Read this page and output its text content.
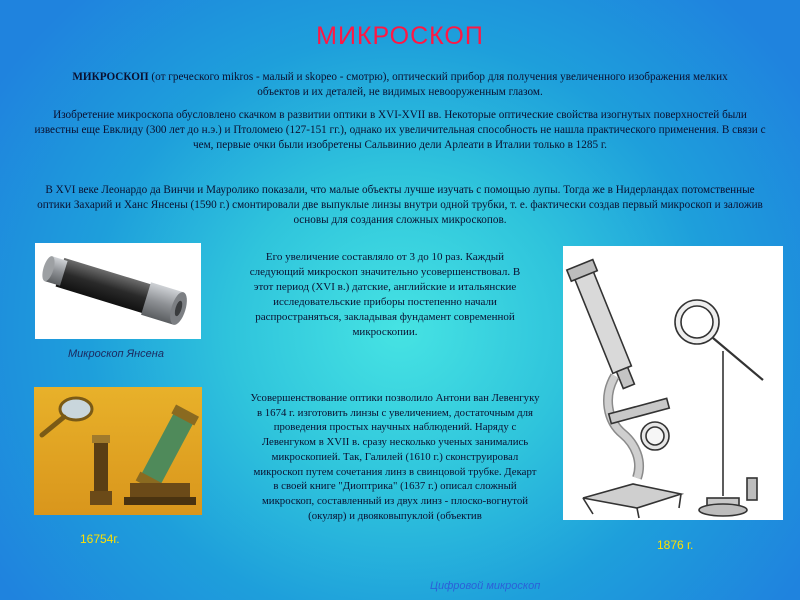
МИКРОСКОП
МИКРОСКОП (от греческого mikros - малый и skopeo - смотрю), оптический прибор для получения увеличенного изображения мелких объектов и их деталей, не видимых невооруженным глазом.
Изобретение микроскопа обусловлено скачком в развитии оптики в XVI-XVII вв. Некоторые оптические свойства изогнутых поверхностей были известны еще Евклиду (300 лет до н.э.) и Птоломею (127-151 гг.), однако их увеличительная способность не нашла практического применения. В связи с чем, первые очки были изобретены Сальвинио дели Арлеати в Италии только в 1285 г.
В XVI веке Леонардо да Винчи и Мауролико показали, что малые объекты лучше изучать с помощью лупы. Тогда же в Нидерландах потомственные оптики Захарий и Ханс Янсены (1590 г.) смонтировали две выпуклые линзы внутри одной трубки, т. е. фактически создав первый микроскоп и заложив основы для создания сложных микроскопов.
Микроскоп Янсена
Его увеличение составляло от 3 до 10 раз. Каждый следующий микроскоп значительно усовершенствовал. В этот период (XVI в.) датские, английские и итальянские исследовательские приборы постепенно начали распространяться, закладывая фундамент современной микроскопии.
16754г.
Усовершенствование оптики позволило Антони ван Левенгуку в 1674 г. изготовить линзы с увеличением, достаточным для проведения простых научных наблюдений. Наряду с Левенгуком в XVII в. сразу несколько ученых занимались микроскопией. Так, Галилей (1610 г.) сконструировал микроскоп путем сочетания линз в свинцовой трубке. Декарт в своей книге "Диоптрика" (1637 г.) описал сложный микроскоп, составленный из двух линз - плоско-вогнутой (окуляр) и двояковыпуклой (объектив
1876 г.
Цифровой микроскоп
